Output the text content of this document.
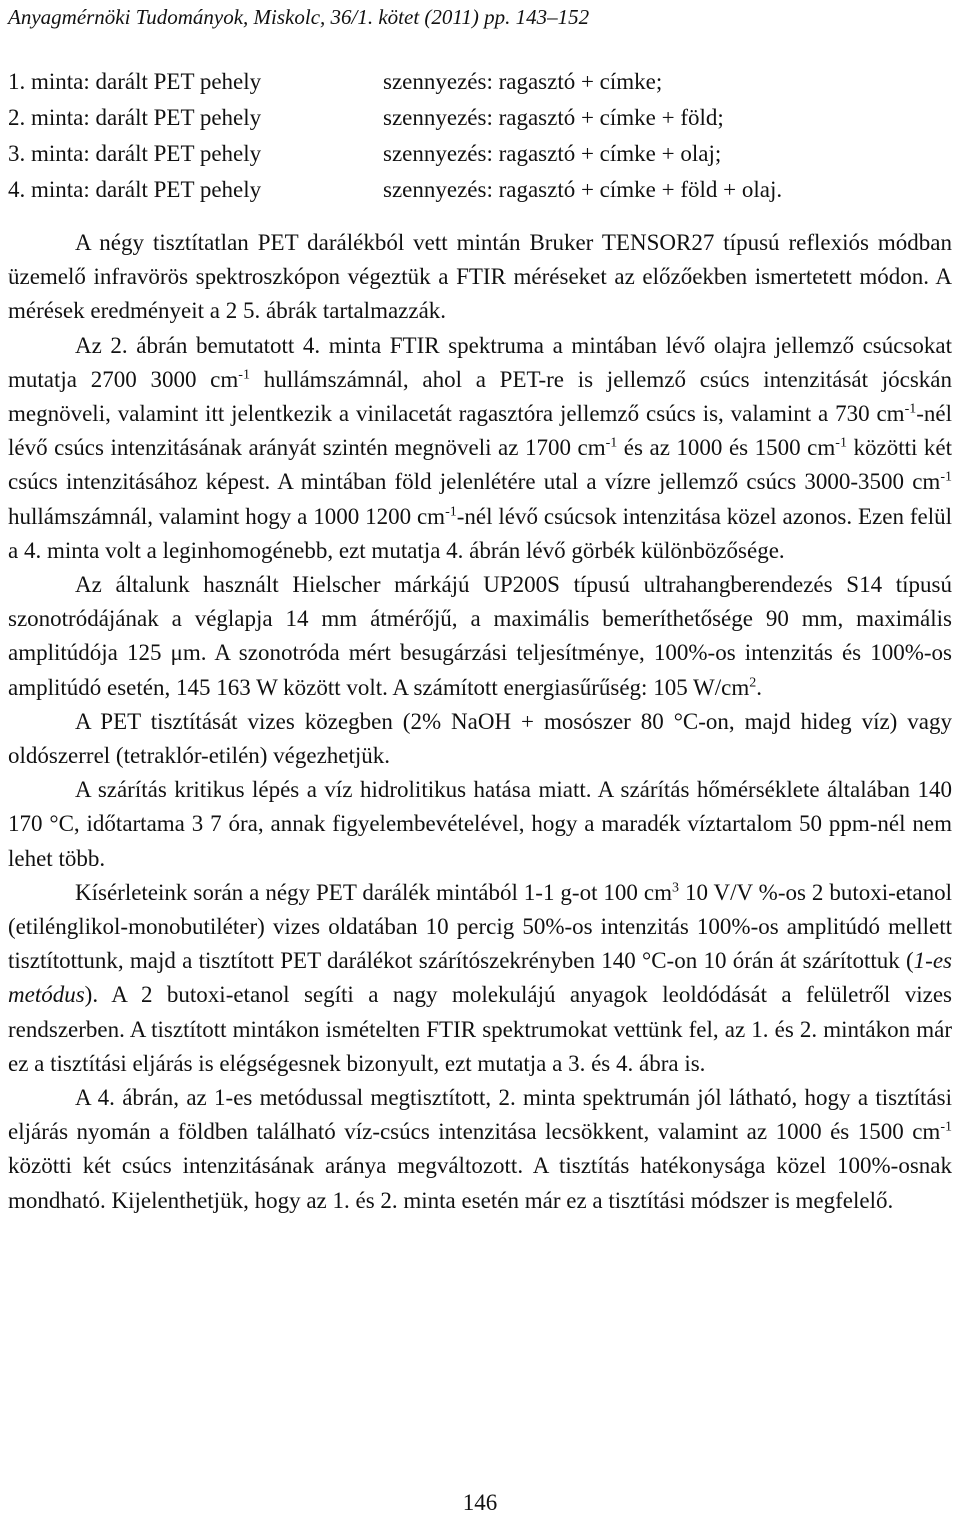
Anyagmérnöki Tudományok, Miskolc, 36/1. kötet (2011) pp. 143–152
1. minta: darált PET pehely	szennyezés: ragasztó + címke;
2. minta: darált PET pehely	szennyezés: ragasztó + címke + föld;
3. minta: darált PET pehely	szennyezés: ragasztó + címke + olaj;
4. minta: darált PET pehely	szennyezés: ragasztó + címke + föld + olaj.

A négy tisztítatlan PET darálékból vett mintán Bruker TENSOR27 típusú reflexiós módban üzemelő infravörös spektroszkópon végeztük a FTIR méréseket az előzőekben ismertetett módon. A mérések eredményeit a 2 5. ábrák tartalmazzák.

Az 2. ábrán bemutatott 4. minta FTIR spektruma a mintában lévő olajra jellemző csúcsokat mutatja 2700 3000 $cm^{-1}$ hullámszámnál, ahol a PET-re is jellemző csúcs intenzitását jócskán megnöveli, valamint itt jelentkezik a vinilacetát ragasztóra jellemző csúcs is, valamint a 730 $cm^{-1}$-nél lévő csúcs intenzitásának arányát szintén megnöveli az 1700 $cm^{-1}$ és az 1000 és 1500 $cm^{-1}$ közötti két csúcs intenzitásához képest. A mintában föld jelenlétére utal a vízre jellemző csúcs 3000-3500 $cm^{-1}$ hullámszámnál, valamint hogy a 1000 1200 $cm^{-1}$-nél lévő csúcsok intenzitása közel azonos. Ezen felül a 4. minta volt a leginhomogénebb, ezt mutatja 4. ábrán lévő görbék különbözősége.

Az általunk használt Hielscher márkájú UP200S típusú ultrahangberendezés S14 típusú szonotródájának a véglapja 14 mm átmérőjű, a maximális bemeríthetősége 90 mm, maximális amplitúdója 125 μm. A szonotróda mért besugárzási teljesítménye, 100%-os intenzitás és 100%-os amplitúdó esetén, 145 163 W között volt. A számított energiasűrűség: 105 $W/cm^2$.

A PET tisztítását vizes közegben (2% NaOH + mosószer 80 °C-on, majd hideg víz) vagy oldószerrel (tetraklór-etilén) végezhetjük.

A szárítás kritikus lépés a víz hidrolitikus hatása miatt. A szárítás hőmérséklete általában 140 170 °C, időtartama 3 7 óra, annak figyelembevételével, hogy a maradék víztartalom 50 ppm-nél nem lehet több.

Kísérleteink során a négy PET darálék mintából 1-1 g-ot 100 $cm^3$ 10 V/V %-os 2 butoxi-etanol (etilénglikol-monobutiléter) vizes oldatában 10 percig 50%-os intenzitás 100%-os amplitúdó mellett tisztítottunk, majd a tisztított PET darálékot szárítószekrényben 140 °C-on 10 órán át szárítottuk (1-es metódus). A 2 butoxi-etanol segíti a nagy molekulájú anyagok leoldódását a felületről vizes rendszerben. A tisztított mintákon ismételten FTIR spektrumokat vettünk fel, az 1. és 2. mintákon már ez a tisztítási eljárás is elégségesnek bizonyult, ezt mutatja a 3. és 4. ábra is.

A 4. ábrán, az 1-es metódussal megtisztított, 2. minta spektrumán jól látható, hogy a tisztítási eljárás nyomán a földben található víz-csúcs intenzitása lecsökkent, valamint az 1000 és 1500 $cm^{-1}$ közötti két csúcs intenzitásának aránya megváltozott. A tisztítás hatékonysága közel 100%-osnak mondható. Kijelenthetjük, hogy az 1. és 2. minta esetén már ez a tisztítási módszer is megfelelő.

146
